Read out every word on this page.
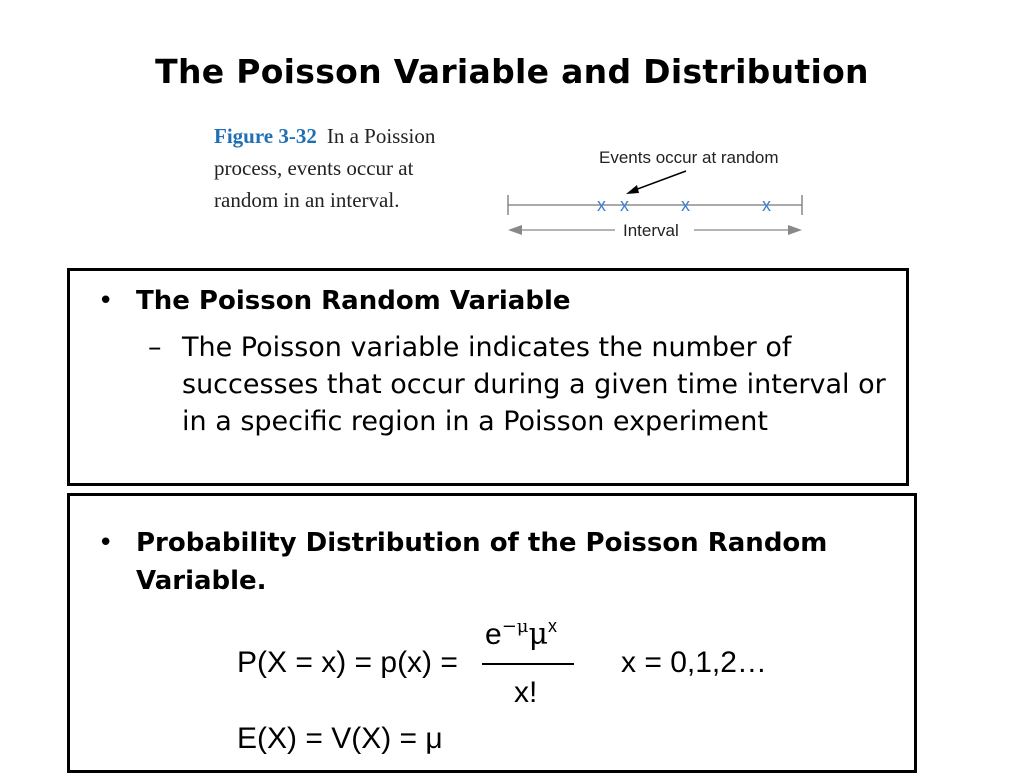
The Poisson Variable and Distribution
Figure 3-32 In a Poission process, events occur at random in an interval.
Events occur at random
x x	x	x
Interval
• The Poisson Random Variable
– The Poisson variable indicates the number of successes that occur during a given time interval or in a specific region in a Poisson experiment
• Probability Distribution of the Poisson Random Variable.
P(X = x) = p(x) =
$e^{-\mu}\mu^x$
x!
x = 0,1,2…
E(X) = V(X) = μ
